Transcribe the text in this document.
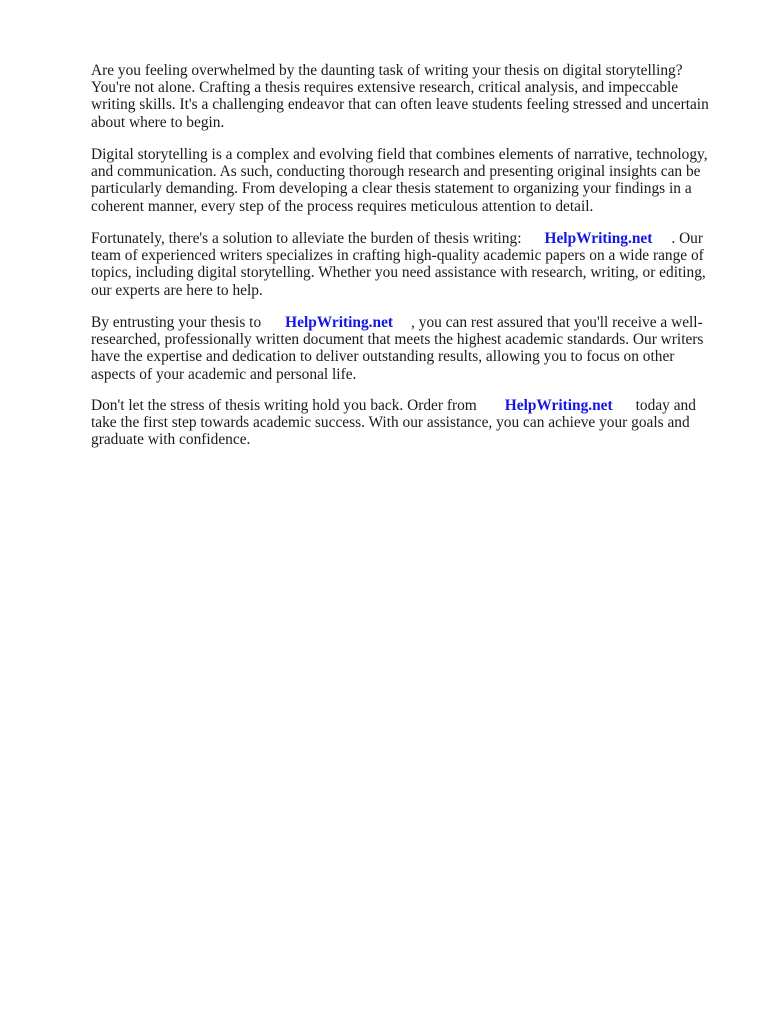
Are you feeling overwhelmed by the daunting task of writing your thesis on digital storytelling?
You're not alone. Crafting a thesis requires extensive research, critical analysis, and impeccable
writing skills. It's a challenging endeavor that can often leave students feeling stressed and uncertain
about where to begin.

Digital storytelling is a complex and evolving field that combines elements of narrative, technology,
and communication. As such, conducting thorough research and presenting original insights can be
particularly demanding. From developing a clear thesis statement to organizing your findings in a
coherent manner, every step of the process requires meticulous attention to detail.

Fortunately, there's a solution to alleviate the burden of thesis writing: HelpWriting.net . Our
team of experienced writers specializes in crafting high-quality academic papers on a wide range of
topics, including digital storytelling. Whether you need assistance with research, writing, or editing,
our experts are here to help.

By entrusting your thesis to HelpWriting.net , you can rest assured that you'll receive a well-
researched, professionally written document that meets the highest academic standards. Our writers
have the expertise and dedication to deliver outstanding results, allowing you to focus on other
aspects of your academic and personal life.

Don't let the stress of thesis writing hold you back. Order from HelpWriting.net today and
take the first step towards academic success. With our assistance, you can achieve your goals and
graduate with confidence.
